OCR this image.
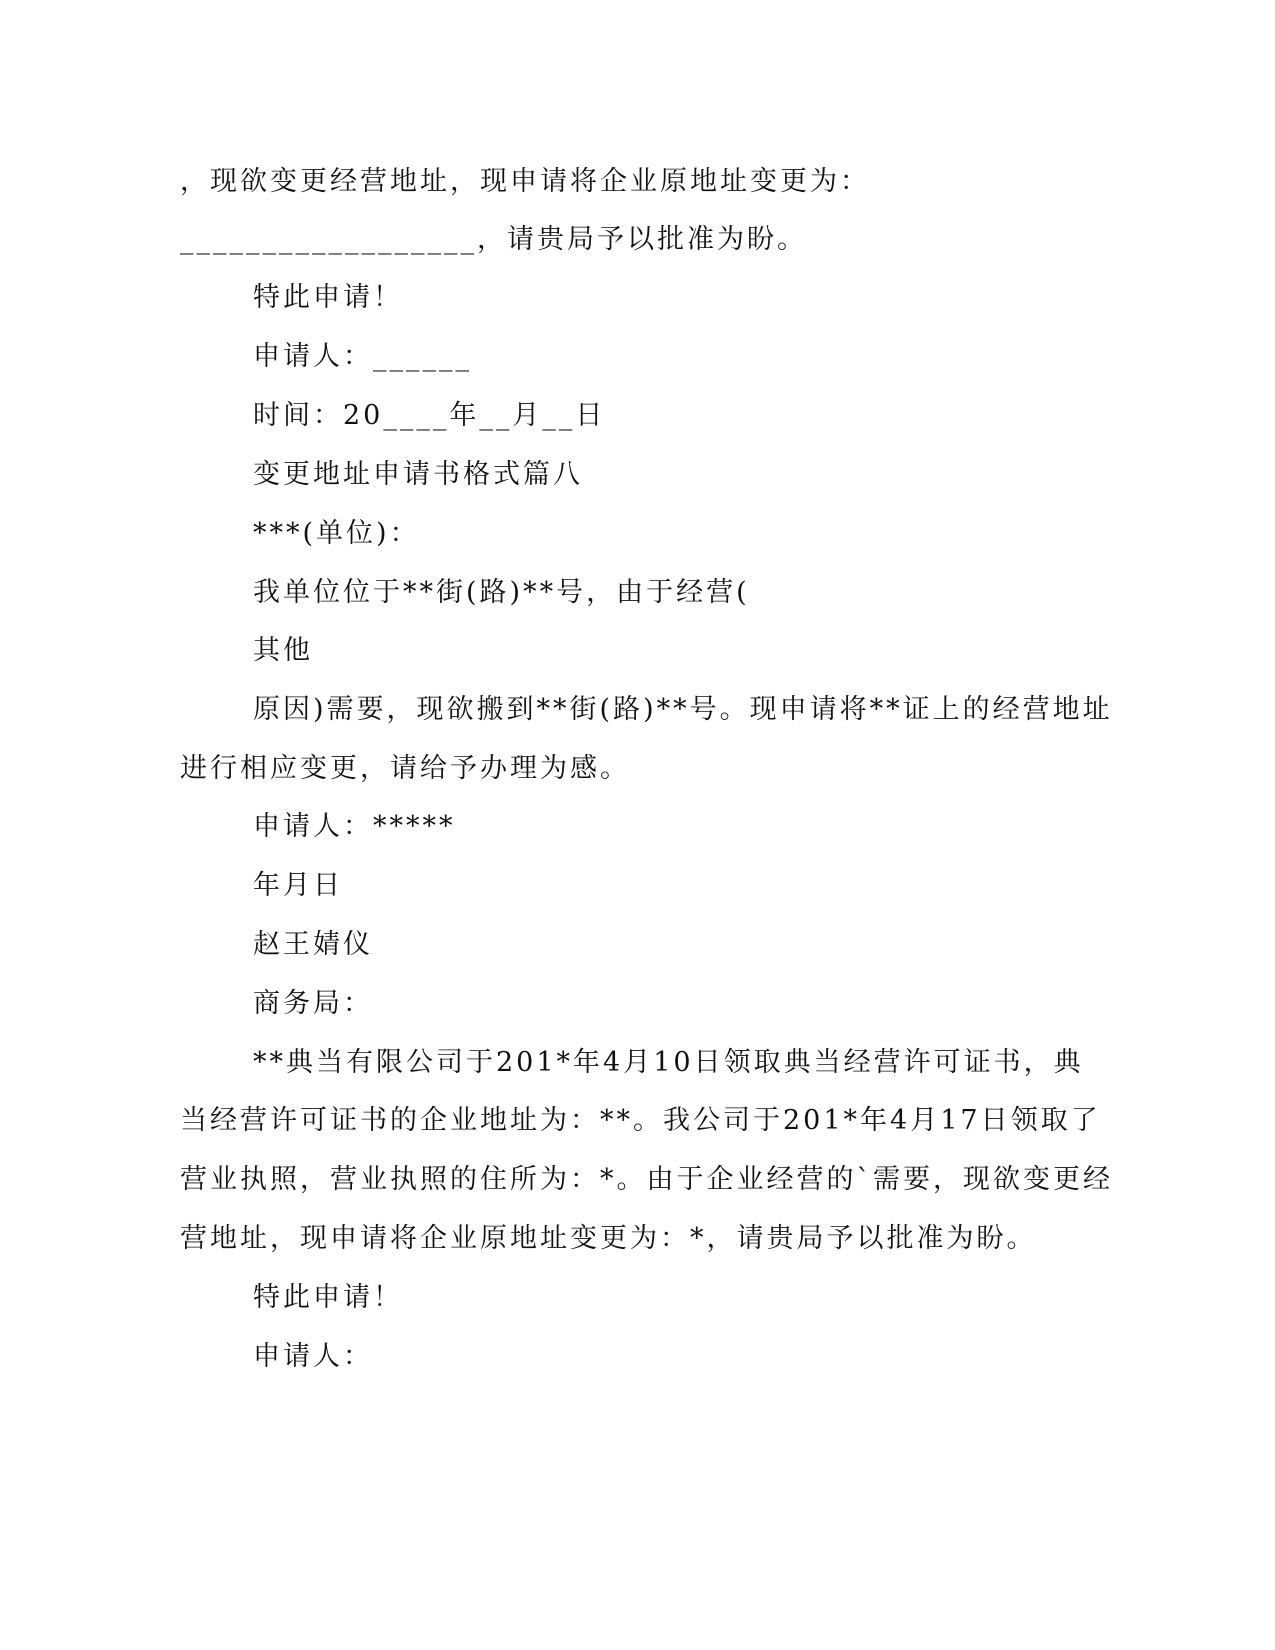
，现欲变更经营地址，现申请将企业原地址变更为：
__________________，请贵局予以批准为盼。
特此申请！
申请人：______
时间：20____年__月__日
变更地址申请书格式篇八
***(单位)：
我单位位于**街(路)**号，由于经营(
其他
原因)需要，现欲搬到**街(路)**号。现申请将**证上的经营地址
进行相应变更，请给予办理为感。
申请人：*****
年月日
赵王婧仪
商务局：
**典当有限公司于201*年4月10日领取典当经营许可证书，典
当经营许可证书的企业地址为：**。我公司于201*年4月17日领取了
营业执照，营业执照的住所为：*。由于企业经营的`需要，现欲变更经
营地址，现申请将企业原地址变更为：*，请贵局予以批准为盼。
特此申请！
申请人：
